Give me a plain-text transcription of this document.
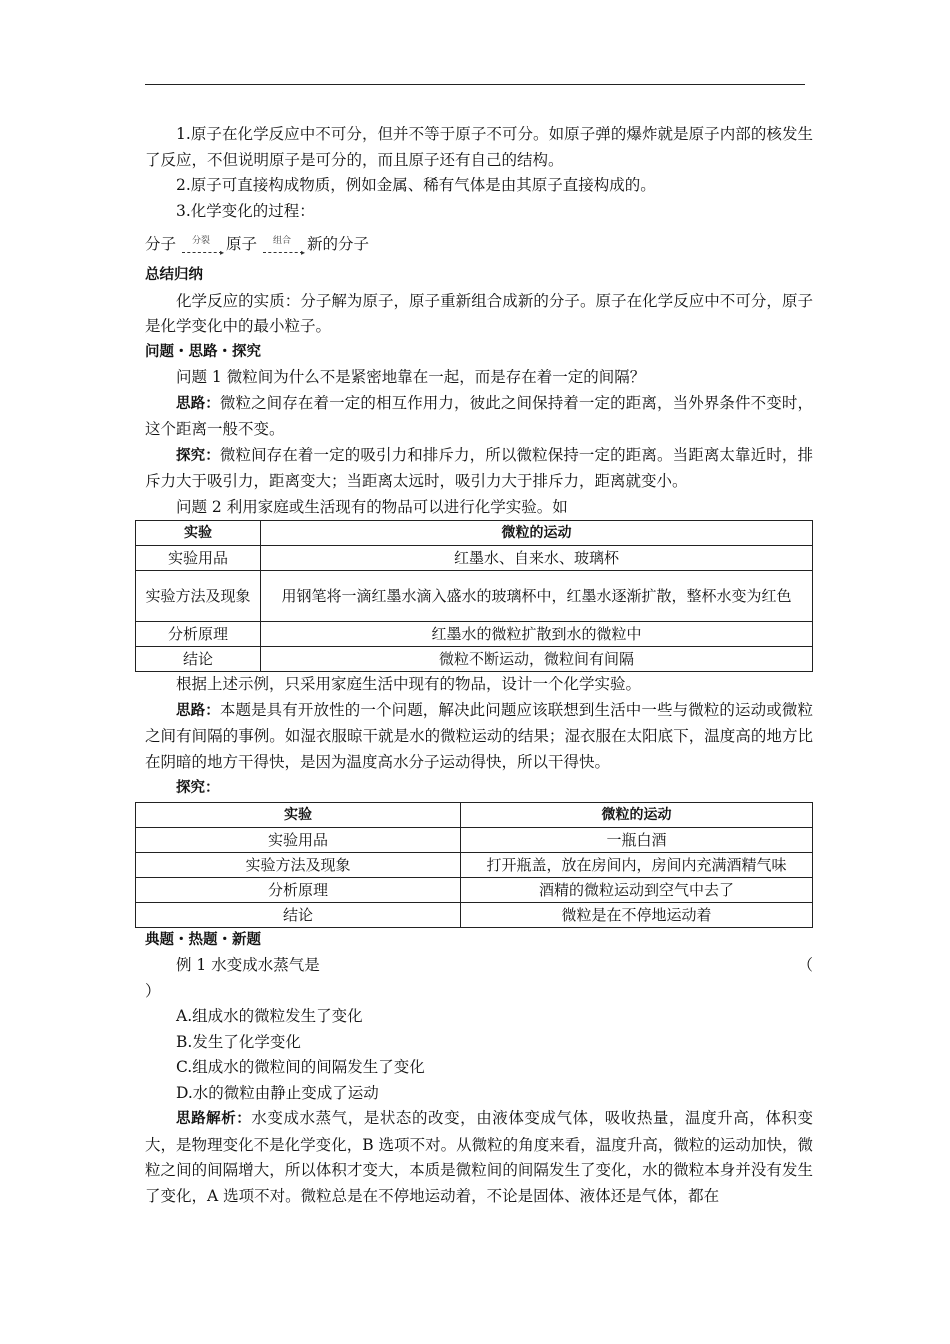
1.原子在化学反应中不可分，但并不等于原子不可分。如原子弹的爆炸就是原子内部的核发生了反应，不但说明原子是可分的，而且原子还有自己的结构。

2.原子可直接构成物质，例如金属、稀有气体是由其原子直接构成的。

3.化学变化的过程：

分子	分裂
▸ 原子	组合
▸ 新的分子

总结归纳

化学反应的实质：分子解为原子，原子重新组合成新的分子。原子在化学反应中不可分，原子是化学变化中的最小粒子。

问题・思路・探究

问题 1 微粒间为什么不是紧密地靠在一起，而是存在着一定的间隔？

思路：微粒之间存在着一定的相互作用力，彼此之间保持着一定的距离，当外界条件不变时，这个距离一般不变。

探究：微粒间存在着一定的吸引力和排斥力，所以微粒保持一定的距离。当距离太靠近时，排斥力大于吸引力，距离变大；当距离太远时，吸引力大于排斥力，距离就变小。

问题 2 利用家庭或生活现有的物品可以进行化学实验。如

实验	微粒的运动
实验用品	红墨水、自来水、玻璃杯
实验方法及现象	用钢笔将一滴红墨水滴入盛水的玻璃杯中，红墨水逐渐扩散，整杯水变为红色
分析原理	红墨水的微粒扩散到水的微粒中
结论	微粒不断运动，微粒间有间隔

根据上述示例，只采用家庭生活中现有的物品，设计一个化学实验。

思路：本题是具有开放性的一个问题，解决此问题应该联想到生活中一些与微粒的运动或微粒之间有间隔的事例。如湿衣服晾干就是水的微粒运动的结果；湿衣服在太阳底下，温度高的地方比在阴暗的地方干得快，是因为温度高水分子运动得快，所以干得快。

探究：

实验	微粒的运动
实验用品	一瓶白酒
实验方法及现象	打开瓶盖，放在房间内，房间内充满酒精气味
分析原理	酒精的微粒运动到空气中去了
结论	微粒是在不停地运动着

典题・热题・新题

例 1 水变成水蒸气是	（

）

A.组成水的微粒发生了变化

B.发生了化学变化

C.组成水的微粒间的间隔发生了变化

D.水的微粒由静止变成了运动

思路解析：水变成水蒸气，是状态的改变，由液体变成气体，吸收热量，温度升高，体积变大，是物理变化不是化学变化，B 选项不对。从微粒的角度来看，温度升高，微粒的运动加快，微粒之间的间隔增大，所以体积才变大，本质是微粒间的间隔发生了变化，水的微粒本身并没有发生了变化，A 选项不对。微粒总是在不停地运动着，不论是固体、液体还是气体，都在
